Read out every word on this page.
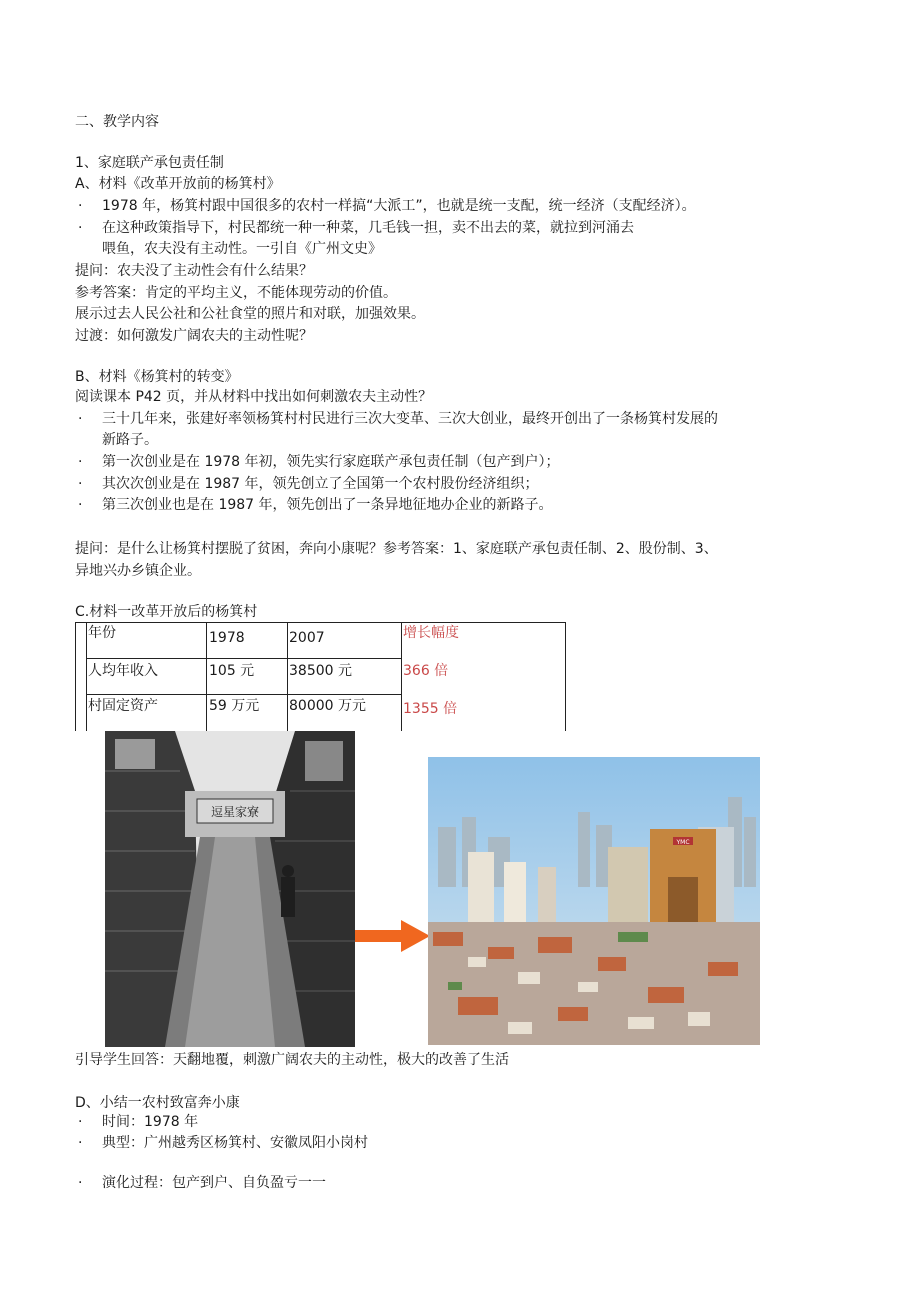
二、教学内容
1、家庭联产承包责任制
A、材料《改革开放前的杨箕村》
· 1978 年，杨箕村跟中国很多的农村一样搞“大派工”，也就是统一支配，统一经济（支配经济）。
· 在这种政策指导下，村民都统一种一种菜，几毛钱一担，卖不出去的菜，就拉到河涌去
喂鱼，农夫没有主动性。一引自《广州文史》
提问：农夫没了主动性会有什么结果？
参考答案：肯定的平均主义，不能体现劳动的价值。
展示过去人民公社和公社食堂的照片和对联，加强效果。
过渡：如何激发广阔农夫的主动性呢？
B、材料《杨箕村的转变》
阅读课本 P42 页，并从材料中找出如何刺激农夫主动性？
· 三十几年来，张建好率领杨箕村村民进行三次大变革、三次大创业，最终开创出了一条杨箕村发展的
新路子。
· 第一次创业是在 1978 年初，领先实行家庭联产承包责任制（包产到户）；
· 其次次创业是在 1987 年，领先创立了全国第一个农村股份经济组织；
· 第三次创业也是在 1987 年，领先创出了一条异地征地办企业的新路子。
提问：是什么让杨箕村摆脱了贫困，奔向小康呢？参考答案：1、家庭联产承包责任制、2、股份制、3、
异地兴办乡镇企业。
C.材料一改革开放后的杨箕村
年份	1978	2007	增长幅度
人均年收入	105 元 38500 元	366 倍
村固定资产	59 万元 80000 万元	1355 倍
逗星家寮
YMC
引导学生回答：天翻地覆，刺激广阔农夫的主动性，极大的改善了生活
D、小结一农村致富奔小康
· 时间：1978 年
· 典型：广州越秀区杨箕村、安徽凤阳小岗村
· 演化过程：包产到户、自负盈亏一一
